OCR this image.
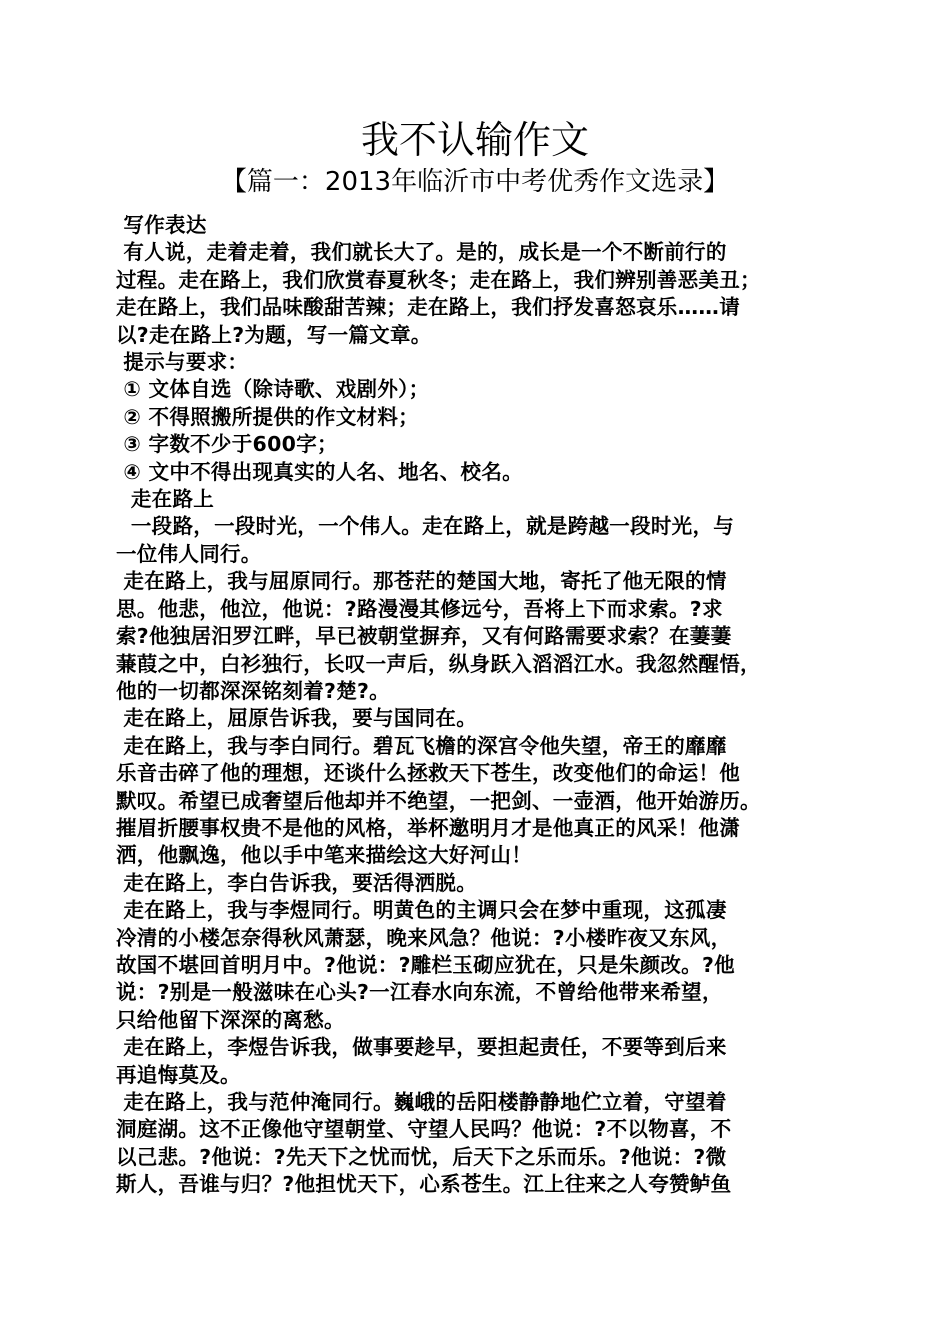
我不认输作文
【篇一：2013年临沂市中考优秀作文选录】
写作表达
有人说，走着走着，我们就长大了。是的，成长是一个不断前行的
过程。走在路上，我们欣赏春夏秋冬；走在路上，我们辨别善恶美丑；
走在路上，我们品味酸甜苦辣；走在路上，我们抒发喜怒哀乐……请
以?走在路上?为题，写一篇文章。
提示与要求：
① 文体自选（除诗歌、戏剧外）；
② 不得照搬所提供的作文材料；
③ 字数不少于600字；
④ 文中不得出现真实的人名、地名、校名。
走在路上
一段路，一段时光，一个伟人。走在路上，就是跨越一段时光，与
一位伟人同行。
走在路上，我与屈原同行。那苍茫的楚国大地，寄托了他无限的情
思。他悲，他泣，他说：?路漫漫其修远兮，吾将上下而求索。?求
索?他独居汨罗江畔，早已被朝堂摒弃，又有何路需要求索？在萋萋
蒹葭之中，白衫独行，长叹一声后，纵身跃入滔滔江水。我忽然醒悟，
他的一切都深深铭刻着?楚?。
走在路上，屈原告诉我，要与国同在。
走在路上，我与李白同行。碧瓦飞檐的深宫令他失望，帝王的靡靡
乐音击碎了他的理想，还谈什么拯救天下苍生，改变他们的命运！他
默叹。希望已成奢望后他却并不绝望，一把剑、一壶酒，他开始游历。
摧眉折腰事权贵不是他的风格，举杯邀明月才是他真正的风采！他潇
洒，他飘逸，他以手中笔来描绘这大好河山！
走在路上，李白告诉我，要活得洒脱。
走在路上，我与李煜同行。明黄色的主调只会在梦中重现，这孤凄
冷清的小楼怎奈得秋风萧瑟，晚来风急？他说：?小楼昨夜又东风，
故国不堪回首明月中。?他说：?雕栏玉砌应犹在，只是朱颜改。?他
说：?别是一般滋味在心头?一江春水向东流，不曾给他带来希望，
只给他留下深深的离愁。
走在路上，李煜告诉我，做事要趁早，要担起责任，不要等到后来
再追悔莫及。
走在路上，我与范仲淹同行。巍峨的岳阳楼静静地伫立着，守望着
洞庭湖。这不正像他守望朝堂、守望人民吗？他说：?不以物喜，不
以己悲。?他说：?先天下之忧而忧，后天下之乐而乐。?他说：?微
斯人，吾谁与归？?他担忧天下，心系苍生。江上往来之人夸赞鲈鱼
